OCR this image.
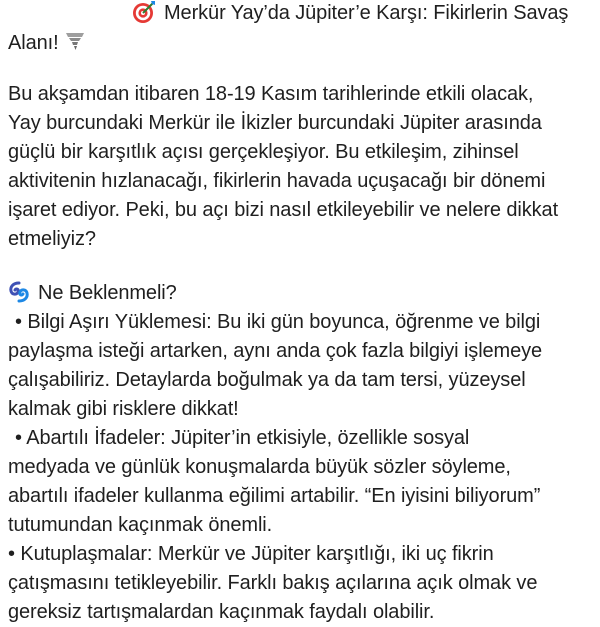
Merkür Yay’da Jüpiter’e Karşı: Fikirlerin Savaş
Alanı!
Bu akşamdan itibaren 18-19 Kasım tarihlerinde etkili olacak,
Yay burcundaki Merkür ile İkizler burcundaki Jüpiter arasında
güçlü bir karşıtlık açısı gerçekleşiyor. Bu etkileşim, zihinsel
aktivitenin hızlanacağı, fikirlerin havada uçuşacağı bir dönemi
işaret ediyor. Peki, bu açı bizi nasıl etkileyebilir ve nelere dikkat
etmeliyiz?
Ne Beklenmeli?
• Bilgi Aşırı Yüklemesi: Bu iki gün boyunca, öğrenme ve bilgi
paylaşma isteği artarken, aynı anda çok fazla bilgiyi işlemeye
çalışabiliriz. Detaylarda boğulmak ya da tam tersi, yüzeysel
kalmak gibi risklere dikkat!
• Abartılı İfadeler: Jüpiter’in etkisiyle, özellikle sosyal
medyada ve günlük konuşmalarda büyük sözler söyleme,
abartılı ifadeler kullanma eğilimi artabilir. “En iyisini biliyorum”
tutumundan kaçınmak önemli.
• Kutuplaşmalar: Merkür ve Jüpiter karşıtlığı, iki uç fikrin
çatışmasını tetikleyebilir. Farklı bakış açılarına açık olmak ve
gereksiz tartışmalardan kaçınmak faydalı olabilir.
